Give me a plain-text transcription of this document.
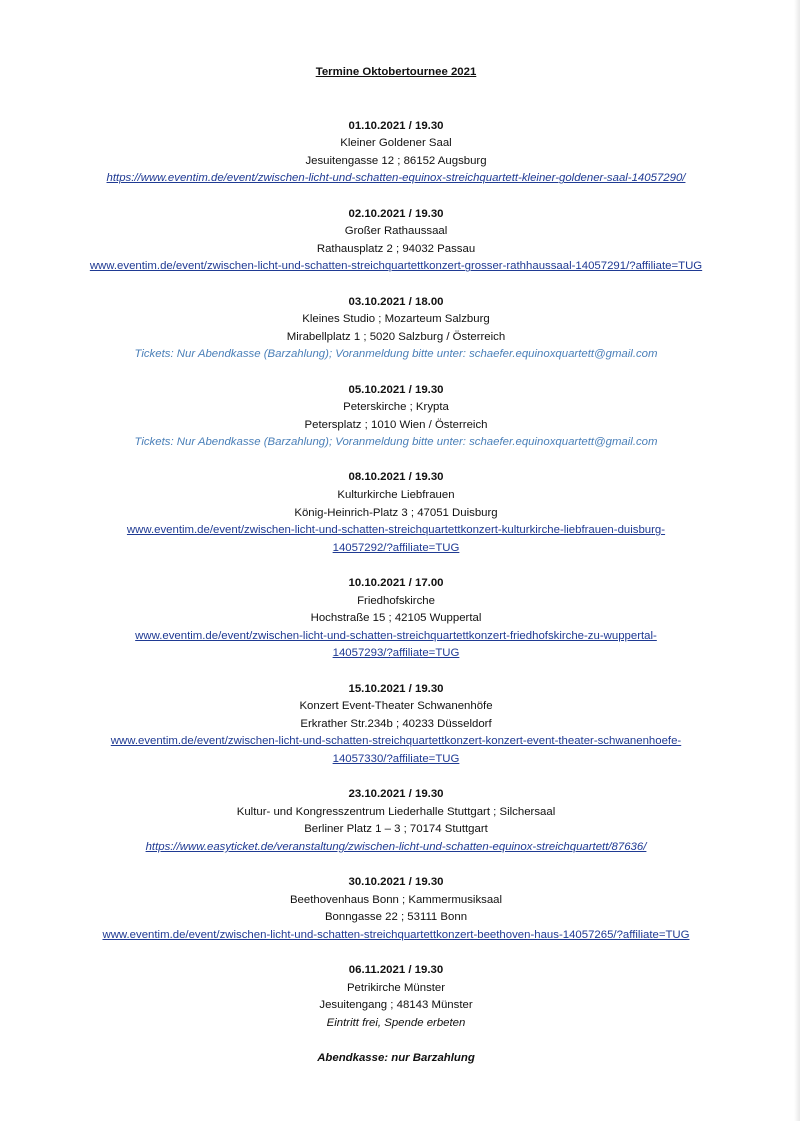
Termine Oktobertournee 2021
01.10.2021 / 19.30
Kleiner Goldener Saal
Jesuitengasse 12 ; 86152 Augsburg
https://www.eventim.de/event/zwischen-licht-und-schatten-equinox-streichquartett-kleiner-goldener-saal-14057290/
02.10.2021 / 19.30
Großer Rathaussaal
Rathausplatz 2 ; 94032 Passau
www.eventim.de/event/zwischen-licht-und-schatten-streichquartettkonzert-grosser-rathhaussaal-14057291/?affiliate=TUG
03.10.2021 / 18.00
Kleines Studio ; Mozarteum Salzburg
Mirabellplatz 1 ; 5020 Salzburg / Österreich
Tickets: Nur Abendkasse (Barzahlung); Voranmeldung bitte unter: schaefer.equinoxquartett@gmail.com
05.10.2021 / 19.30
Peterskirche ; Krypta
Petersplatz ; 1010 Wien / Österreich
Tickets: Nur Abendkasse (Barzahlung); Voranmeldung bitte unter: schaefer.equinoxquartett@gmail.com
08.10.2021 / 19.30
Kulturkirche Liebfrauen
König-Heinrich-Platz 3 ; 47051 Duisburg
www.eventim.de/event/zwischen-licht-und-schatten-streichquartettkonzert-kulturkirche-liebfrauen-duisburg-
14057292/?affiliate=TUG
10.10.2021 / 17.00
Friedhofskirche
Hochstraße 15 ; 42105 Wuppertal
www.eventim.de/event/zwischen-licht-und-schatten-streichquartettkonzert-friedhofskirche-zu-wuppertal-
14057293/?affiliate=TUG
15.10.2021 / 19.30
Konzert Event-Theater Schwanenhöfe
Erkrather Str.234b ; 40233 Düsseldorf
www.eventim.de/event/zwischen-licht-und-schatten-streichquartettkonzert-konzert-event-theater-schwanenhoefe-
14057330/?affiliate=TUG
23.10.2021 / 19.30
Kultur- und Kongresszentrum Liederhalle Stuttgart ; Silchersaal
Berliner Platz 1 – 3 ; 70174 Stuttgart
https://www.easyticket.de/veranstaltung/zwischen-licht-und-schatten-equinox-streichquartett/87636/
30.10.2021 / 19.30
Beethovenhaus Bonn ; Kammermusiksaal
Bonngasse 22 ; 53111 Bonn
www.eventim.de/event/zwischen-licht-und-schatten-streichquartettkonzert-beethoven-haus-14057265/?affiliate=TUG
06.11.2021 / 19.30
Petrikirche Münster
Jesuitengang ; 48143 Münster
Eintritt frei, Spende erbeten
Abendkasse: nur Barzahlung
